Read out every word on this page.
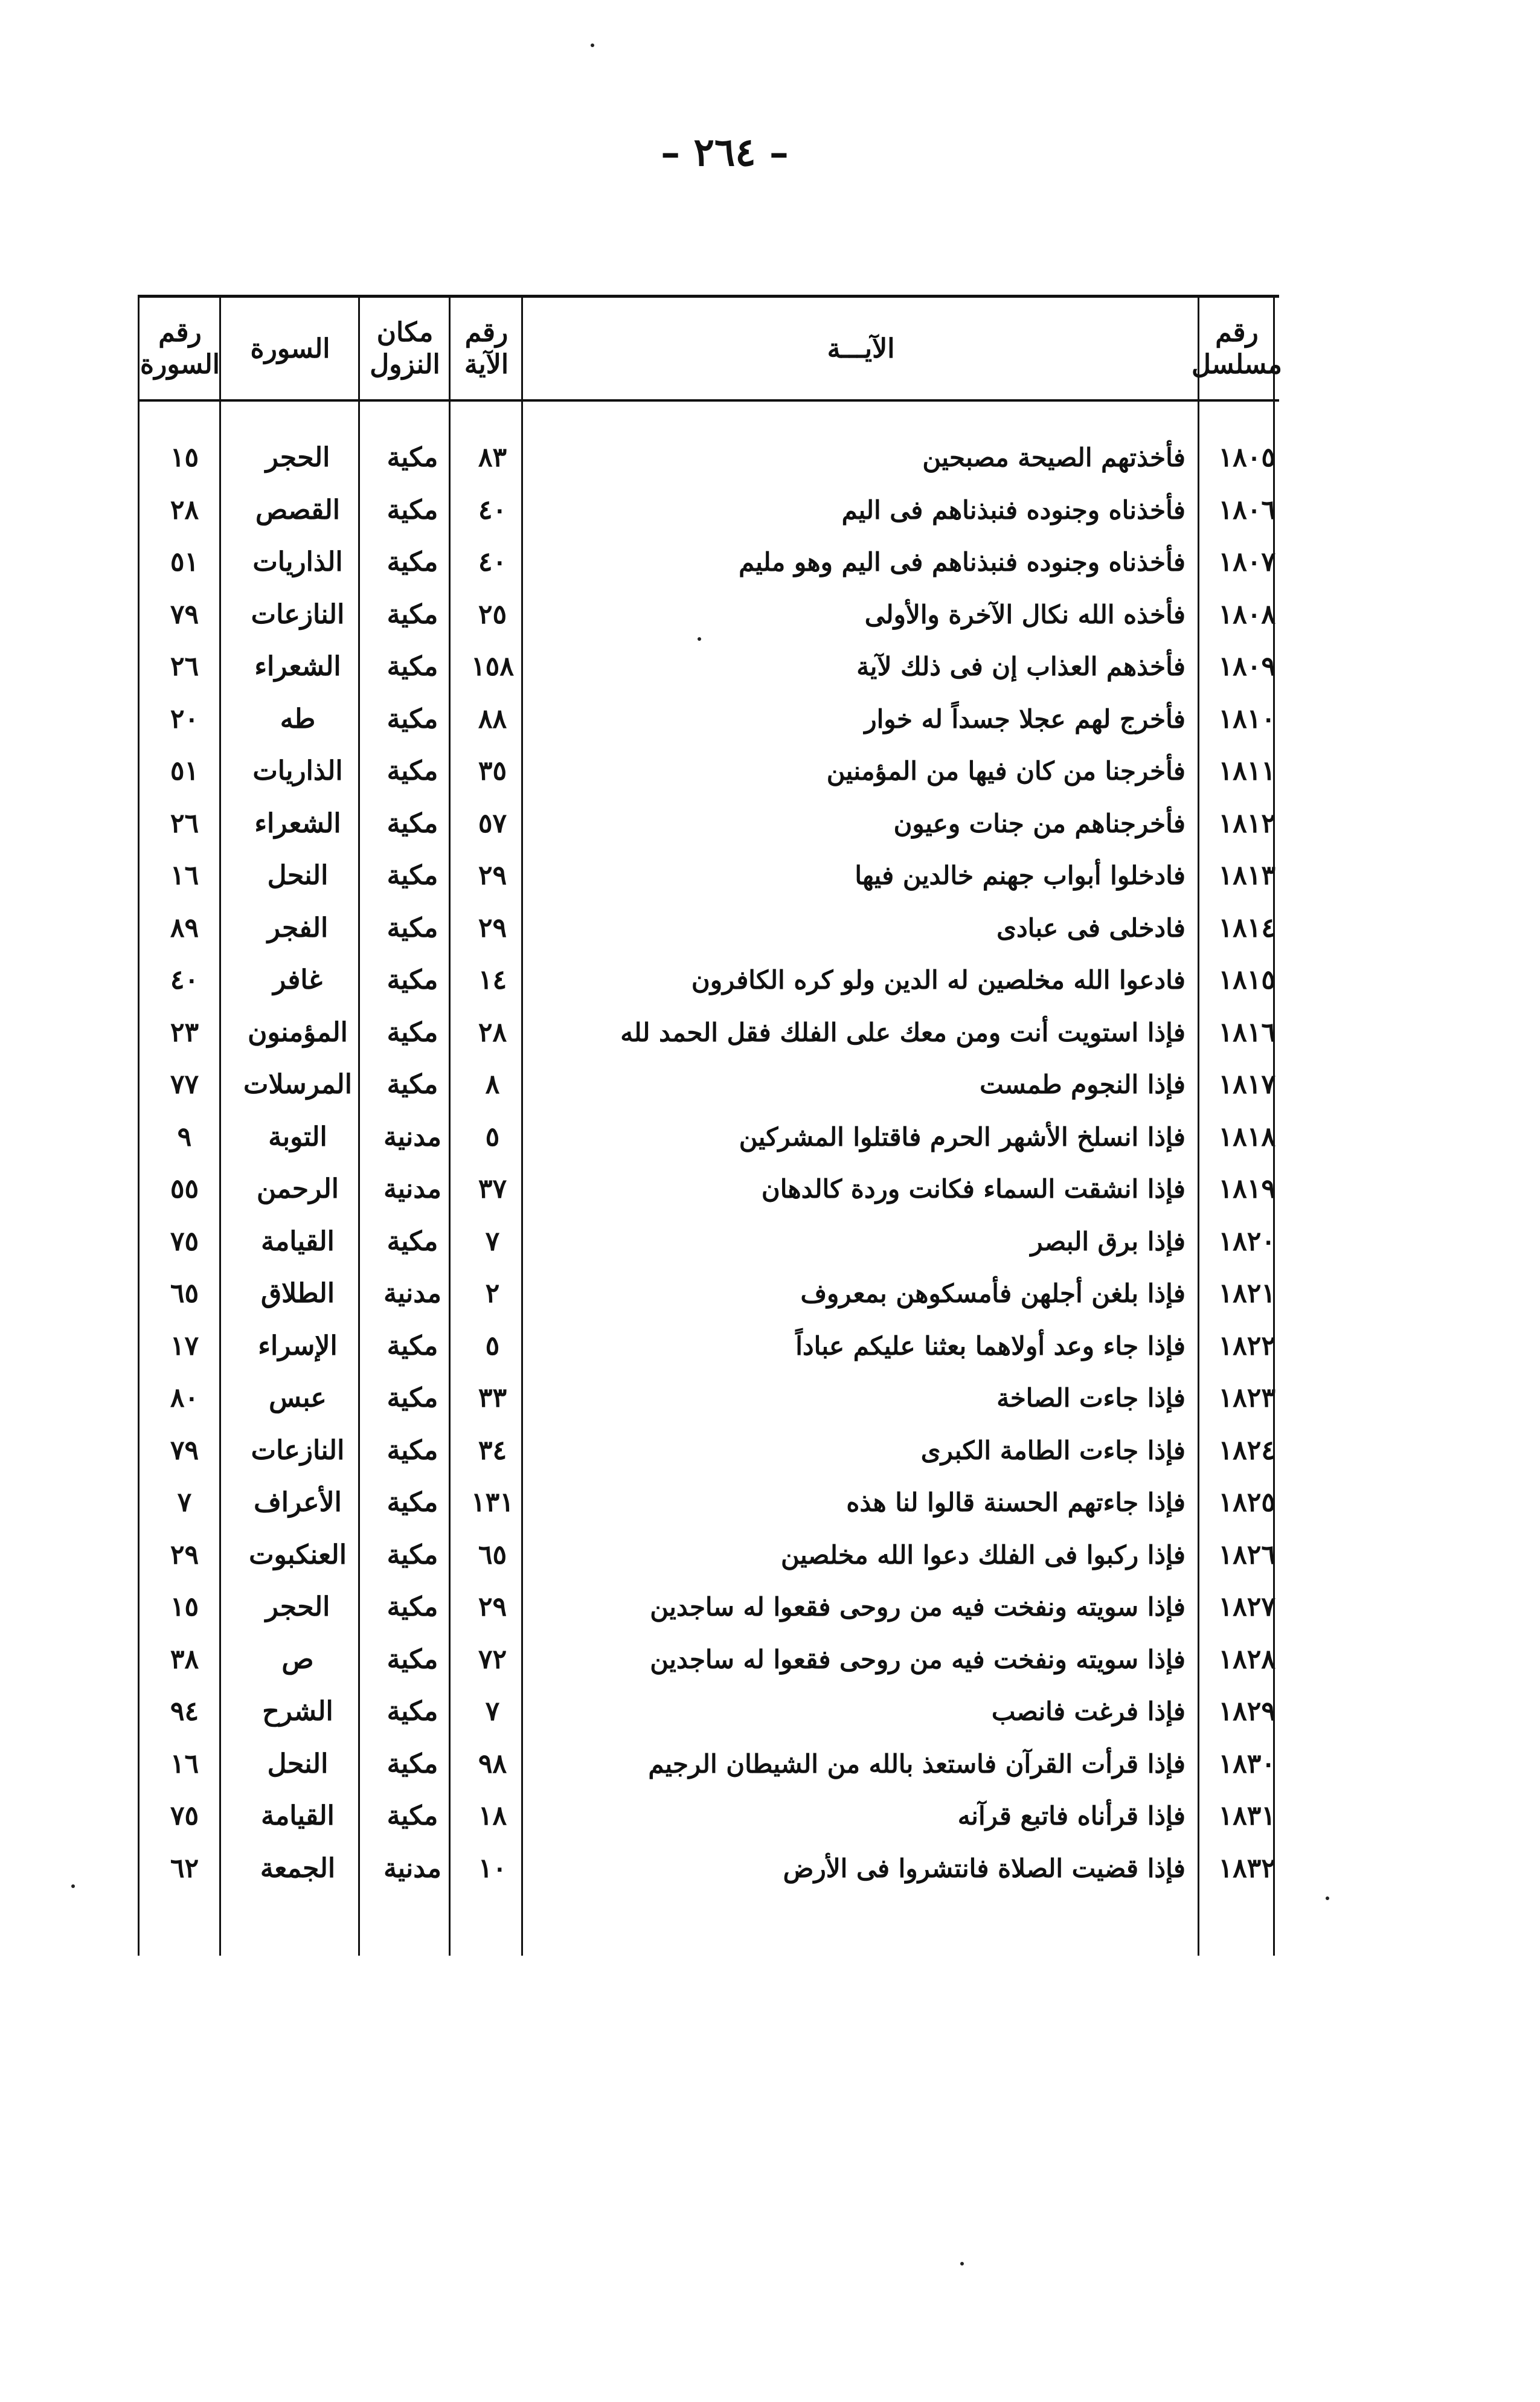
– ٢٦٤ –
رقم
مسلسل
الآيـــة
رقم
الآية
مكان
النزول
السورة
رقم
السورة
١٨٠٥
فأخذتهم الصيحة مصبحين
٨٣
مكية
الحجر
١٥
١٨٠٦
فأخذناه وجنوده فنبذناهم فى اليم
٤٠
مكية
القصص
٢٨
١٨٠٧
فأخذناه وجنوده فنبذناهم فى اليم وهو مليم
٤٠
مكية
الذاريات
٥١
١٨٠٨
فأخذه الله نكال الآخرة والأولى
٢٥
مكية
النازعات
٧٩
١٨٠٩
فأخذهم العذاب إن فى ذلك لآية
١٥٨
مكية
الشعراء
٢٦
١٨١٠
فأخرج لهم عجلا جسداً له خوار
٨٨
مكية
طه
٢٠
١٨١١
فأخرجنا من كان فيها من المؤمنين
٣٥
مكية
الذاريات
٥١
١٨١٢
فأخرجناهم من جنات وعيون
٥٧
مكية
الشعراء
٢٦
١٨١٣
فادخلوا أبواب جهنم خالدين فيها
٢٩
مكية
النحل
١٦
١٨١٤
فادخلى فى عبادى
٢٩
مكية
الفجر
٨٩
١٨١٥
فادعوا الله مخلصين له الدين ولو كره الكافرون
١٤
مكية
غافر
٤٠
١٨١٦
فإذا استويت أنت ومن معك على الفلك فقل الحمد لله
٢٨
مكية
المؤمنون
٢٣
١٨١٧
فإذا النجوم طمست
٨
مكية
المرسلات
٧٧
١٨١٨
فإذا انسلخ الأشهر الحرم فاقتلوا المشركين
٥
مدنية
التوبة
٩
١٨١٩
فإذا انشقت السماء فكانت وردة كالدهان
٣٧
مدنية
الرحمن
٥٥
١٨٢٠
فإذا برق البصر
٧
مكية
القيامة
٧٥
١٨٢١
فإذا بلغن أجلهن فأمسكوهن بمعروف
٢
مدنية
الطلاق
٦٥
١٨٢٢
فإذا جاء وعد أولاهما بعثنا عليكم عباداً
٥
مكية
الإسراء
١٧
١٨٢٣
فإذا جاءت الصاخة
٣٣
مكية
عبس
٨٠
١٨٢٤
فإذا جاءت الطامة الكبرى
٣٤
مكية
النازعات
٧٩
١٨٢٥
فإذا جاءتهم الحسنة قالوا لنا هذه
١٣١
مكية
الأعراف
٧
١٨٢٦
فإذا ركبوا فى الفلك دعوا الله مخلصين
٦٥
مكية
العنكبوت
٢٩
١٨٢٧
فإذا سويته ونفخت فيه من روحى فقعوا له ساجدين
٢٩
مكية
الحجر
١٥
١٨٢٨
فإذا سويته ونفخت فيه من روحى فقعوا له ساجدين
٧٢
مكية
ص
٣٨
١٨٢٩
فإذا فرغت فانصب
٧
مكية
الشرح
٩٤
١٨٣٠
فإذا قرأت القرآن فاستعذ بالله من الشيطان الرجيم
٩٨
مكية
النحل
١٦
١٨٣١
فإذا قرأناه فاتبع قرآنه
١٨
مكية
القيامة
٧٥
١٨٣٢
فإذا قضيت الصلاة فانتشروا فى الأرض
١٠
مدنية
الجمعة
٦٢
